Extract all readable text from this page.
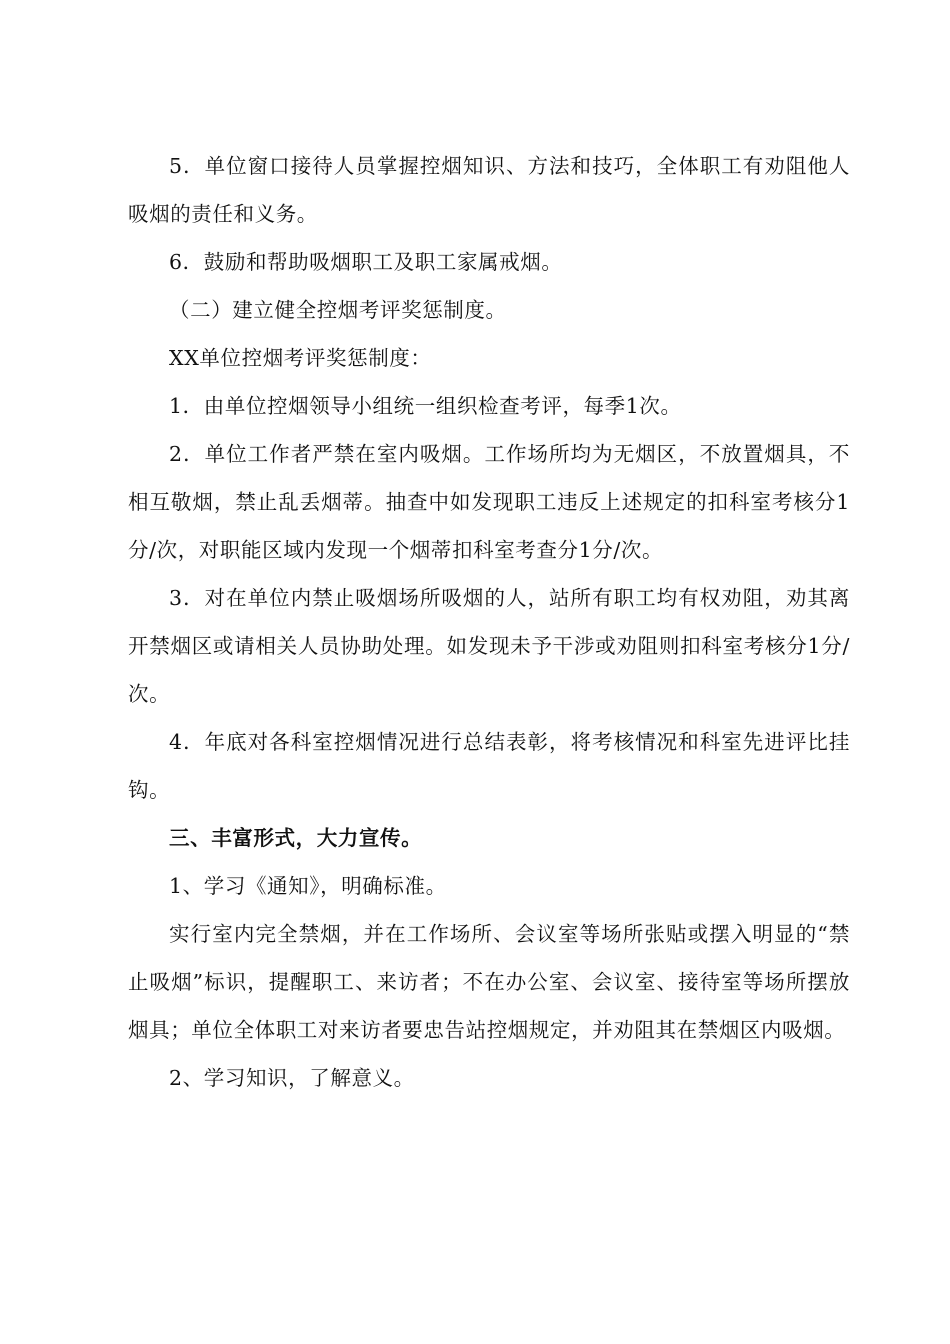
5．单位窗口接待人员掌握控烟知识、方法和技巧，全体职工有劝阻他人吸烟的责任和义务。

6．鼓励和帮助吸烟职工及职工家属戒烟。

（二）建立健全控烟考评奖惩制度。

XX单位控烟考评奖惩制度：

1．由单位控烟领导小组统一组织检查考评，每季1次。

2．单位工作者严禁在室内吸烟。工作场所均为无烟区，不放置烟具，不相互敬烟，禁止乱丢烟蒂。抽查中如发现职工违反上述规定的扣科室考核分1分/次，对职能区域内发现一个烟蒂扣科室考查分1分/次。

3．对在单位内禁止吸烟场所吸烟的人，站所有职工均有权劝阻，劝其离开禁烟区或请相关人员协助处理。如发现未予干涉或劝阻则扣科室考核分1分/次。

4．年底对各科室控烟情况进行总结表彰，将考核情况和科室先进评比挂钩。

三、丰富形式，大力宣传。

1、学习《通知》，明确标准。

实行室内完全禁烟，并在工作场所、会议室等场所张贴或摆入明显的“禁止吸烟”标识，提醒职工、来访者；不在办公室、会议室、接待室等场所摆放烟具；单位全体职工对来访者要忠告站控烟规定，并劝阻其在禁烟区内吸烟。

2、学习知识，了解意义。
